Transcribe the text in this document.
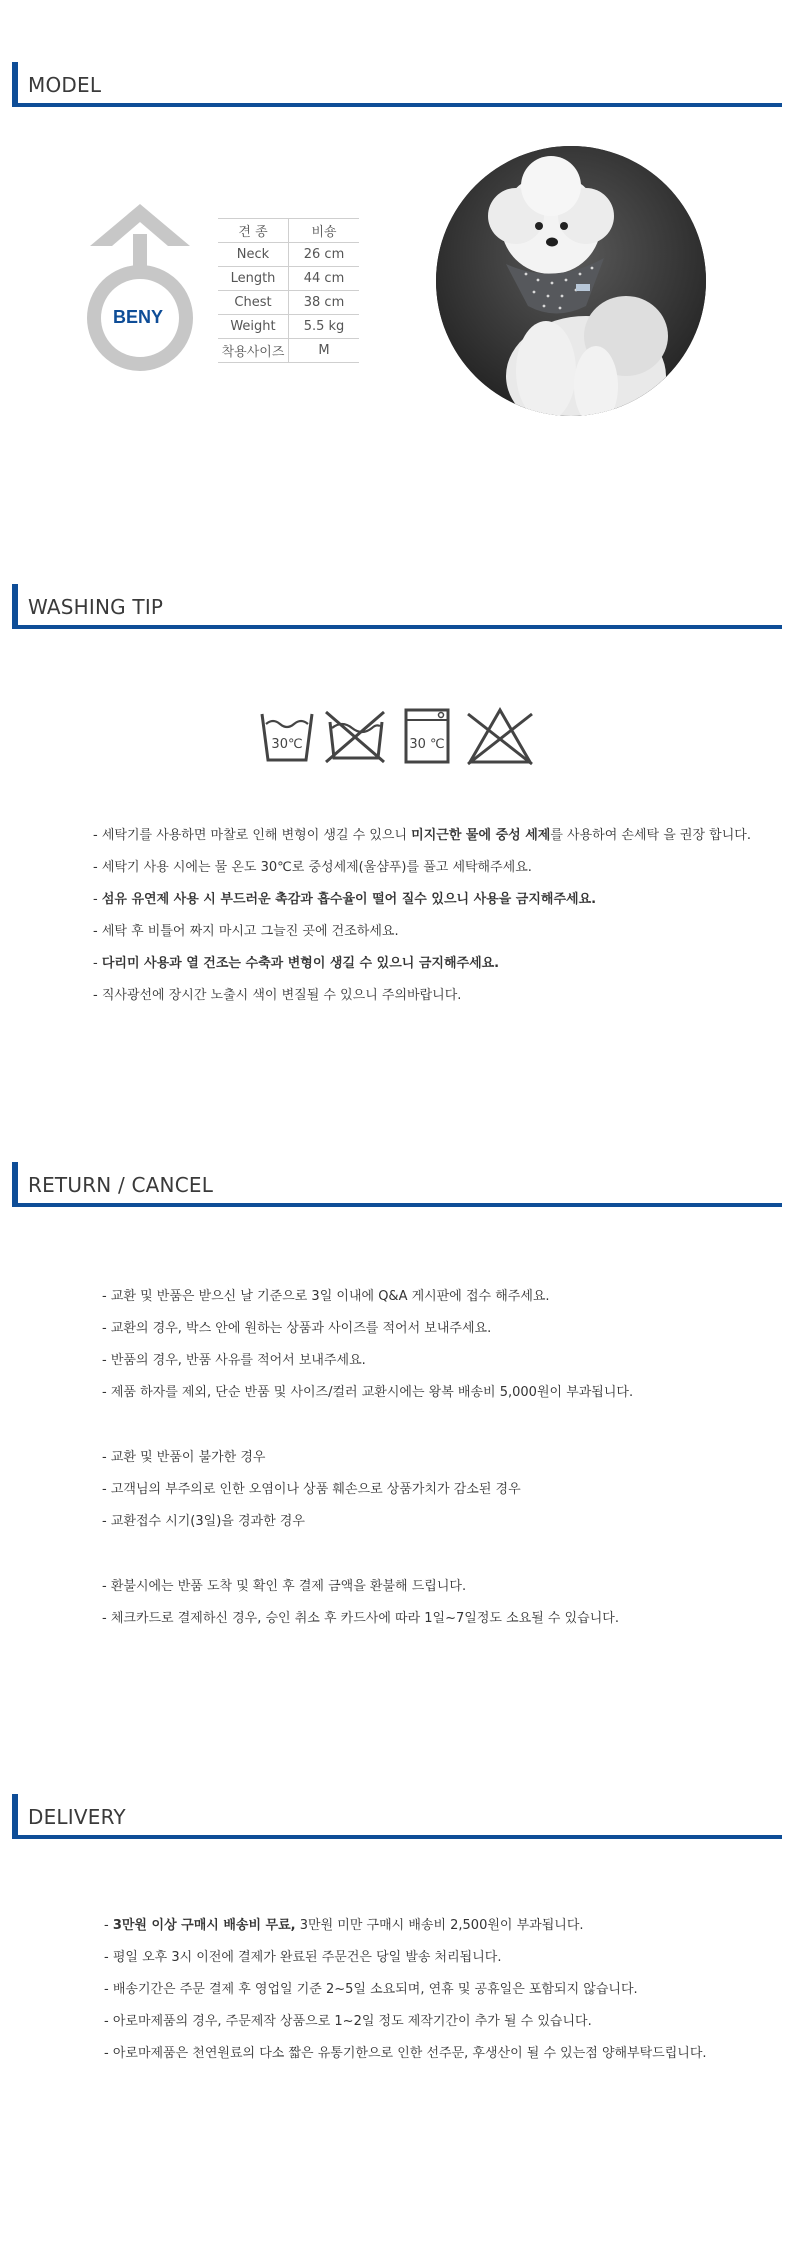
MODEL
BENY
견 종	비숑
Neck	26 cm
Length	44 cm
Chest	38 cm
Weight	5.5 kg
착용사이즈	M
WASHING TIP
30℃	30 ℃
- 세탁기를 사용하면 마찰로 인해 변형이 생길 수 있으니 미지근한 물에 중성 세제를 사용하여 손세탁 을 권장 합니다.
- 세탁기 사용 시에는 물 온도 30℃로 중성세제(울샴푸)를 풀고 세탁해주세요.
- 섬유 유연제 사용 시 부드러운 촉감과 흡수율이 떨어 질수 있으니 사용을 금지해주세요.
- 세탁 후 비틀어 짜지 마시고 그늘진 곳에 건조하세요.
- 다리미 사용과 열 건조는 수축과 변형이 생길 수 있으니 금지해주세요.
- 직사광선에 장시간 노출시 색이 변질될 수 있으니 주의바랍니다.
RETURN / CANCEL
- 교환 및 반품은 받으신 날 기준으로 3일 이내에 Q&A 게시판에 접수 해주세요.
- 교환의 경우, 박스 안에 원하는 상품과 사이즈를 적어서 보내주세요.
- 반품의 경우, 반품 사유를 적어서 보내주세요.
- 제품 하자를 제외, 단순 반품 및 사이즈/컬러 교환시에는 왕복 배송비 5,000원이 부과됩니다.
- 교환 및 반품이 불가한 경우
- 고객님의 부주의로 인한 오염이나 상품 훼손으로 상품가치가 감소된 경우
- 교환접수 시기(3일)을 경과한 경우
- 환불시에는 반품 도착 및 확인 후 결제 금액을 환불해 드립니다.
- 체크카드로 결제하신 경우, 승인 취소 후 카드사에 따라 1일~7일정도 소요될 수 있습니다.
DELIVERY
- 3만원 이상 구매시 배송비 무료, 3만원 미만 구매시 배송비 2,500원이 부과됩니다.
- 평일 오후 3시 이전에 결제가 완료된 주문건은 당일 발송 처리됩니다.
- 배송기간은 주문 결제 후 영업일 기준 2~5일 소요되며, 연휴 및 공휴일은 포함되지 않습니다.
- 아로마제품의 경우, 주문제작 상품으로 1~2일 정도 제작기간이 추가 될 수 있습니다.
- 아로마제품은 천연원료의 다소 짧은 유통기한으로 인한 선주문, 후생산이 될 수 있는점 양해부탁드립니다.
